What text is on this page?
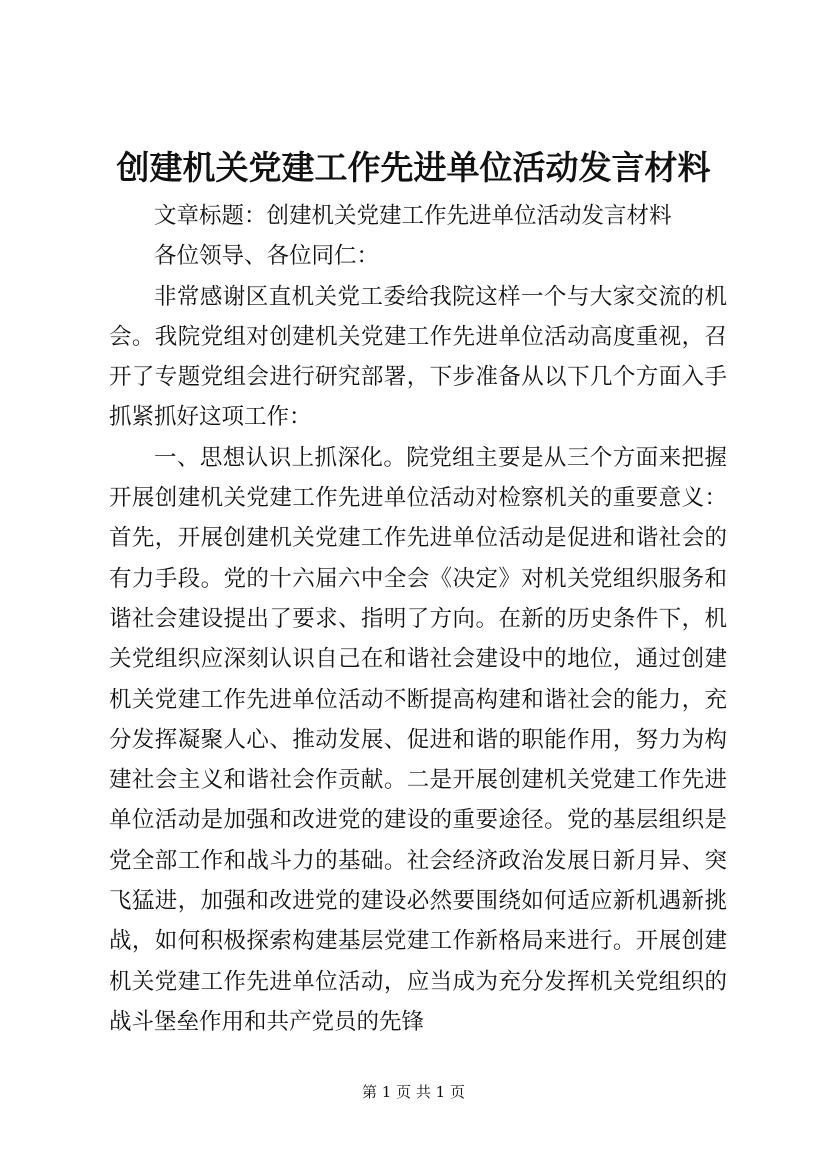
创建机关党建工作先进单位活动发言材料

文章标题：创建机关党建工作先进单位活动发言材料

各位领导、各位同仁：

非常感谢区直机关党工委给我院这样一个与大家交流的机会。我院党组对创建机关党建工作先进单位活动高度重视，召开了专题党组会进行研究部署，下步准备从以下几个方面入手抓紧抓好这项工作：

一、思想认识上抓深化。院党组主要是从三个方面来把握开展创建机关党建工作先进单位活动对检察机关的重要意义：首先，开展创建机关党建工作先进单位活动是促进和谐社会的有力手段。党的十六届六中全会《决定》对机关党组织服务和谐社会建设提出了要求、指明了方向。在新的历史条件下，机关党组织应深刻认识自己在和谐社会建设中的地位，通过创建机关党建工作先进单位活动不断提高构建和谐社会的能力，充分发挥凝聚人心、推动发展、促进和谐的职能作用，努力为构建社会主义和谐社会作贡献。二是开展创建机关党建工作先进单位活动是加强和改进党的建设的重要途径。党的基层组织是党全部工作和战斗力的基础。社会经济政治发展日新月异、突飞猛进，加强和改进党的建设必然要围绕如何适应新机遇新挑战，如何积极探索构建基层党建工作新格局来进行。开展创建机关党建工作先进单位活动，应当成为充分发挥机关党组织的战斗堡垒作用和共产党员的先锋

第 1 页 共 1 页
